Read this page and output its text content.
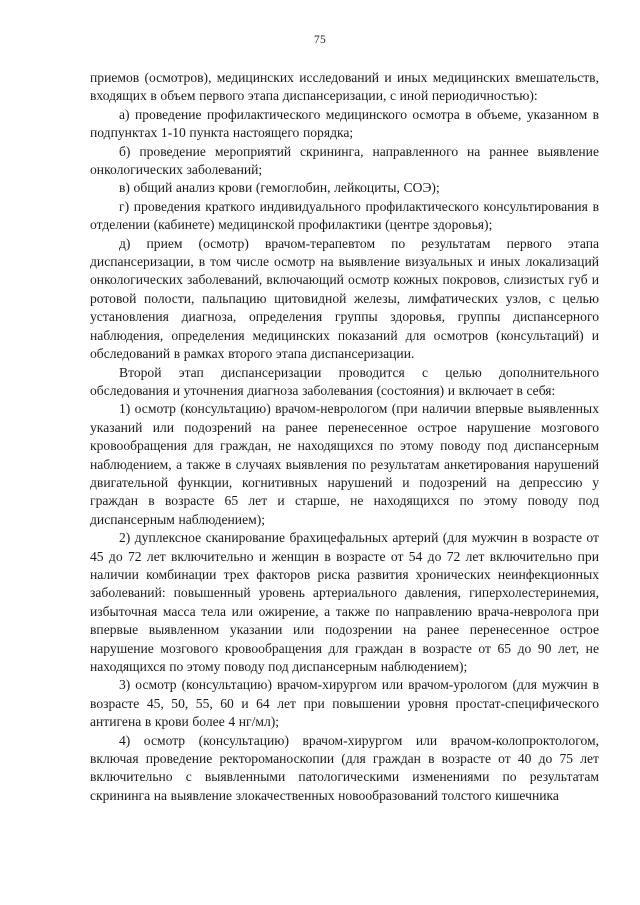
75

приемов (осмотров), медицинских исследований и иных медицинских вмешательств, входящих в объем первого этапа диспансеризации, с иной периодичностью):

а) проведение профилактического медицинского осмотра в объеме, указанном в подпунктах 1-10 пункта настоящего порядка;

б) проведение мероприятий скрининга, направленного на раннее выявление онкологических заболеваний;

в) общий анализ крови (гемоглобин, лейкоциты, СОЭ);

г) проведения краткого индивидуального профилактического консультирования в отделении (кабинете) медицинской профилактики (центре здоровья);

д) прием (осмотр) врачом-терапевтом по результатам первого этапа диспансеризации, в том числе осмотр на выявление визуальных и иных локализаций онкологических заболеваний, включающий осмотр кожных покровов, слизистых губ и ротовой полости, пальпацию щитовидной железы, лимфатических узлов, с целью установления диагноза, определения группы здоровья, группы диспансерного наблюдения, определения медицинских показаний для осмотров (консультаций) и обследований в рамках второго этапа диспансеризации.

Второй этап диспансеризации проводится с целью дополнительного обследования и уточнения диагноза заболевания (состояния) и включает в себя:

1) осмотр (консультацию) врачом-неврологом (при наличии впервые выявленных указаний или подозрений на ранее перенесенное острое нарушение мозгового кровообращения для граждан, не находящихся по этому поводу под диспансерным наблюдением, а также в случаях выявления по результатам анкетирования нарушений двигательной функции, когнитивных нарушений и подозрений на депрессию у граждан в возрасте 65 лет и старше, не находящихся по этому поводу под диспансерным наблюдением);

2) дуплексное сканирование брахицефальных артерий (для мужчин в возрасте от 45 до 72 лет включительно и женщин в возрасте от 54 до 72 лет включительно при наличии комбинации трех факторов риска развития хронических неинфекционных заболеваний: повышенный уровень артериального давления, гиперхолестеринемия, избыточная масса тела или ожирение, а также по направлению врача-невролога при впервые выявленном указании или подозрении на ранее перенесенное острое нарушение мозгового кровообращения для граждан в возрасте от 65 до 90 лет, не находящихся по этому поводу под диспансерным наблюдением);

3) осмотр (консультацию) врачом-хирургом или врачом-урологом (для мужчин в возрасте 45, 50, 55, 60 и 64 лет при повышении уровня простат-специфического антигена в крови более 4 нг/мл);

4) осмотр (консультацию) врачом-хирургом или врачом-колопроктологом, включая проведение ректороманоскопии (для граждан в возрасте от 40 до 75 лет включительно с выявленными патологическими изменениями по результатам скрининга на выявление злокачественных новообразований толстого кишечника
